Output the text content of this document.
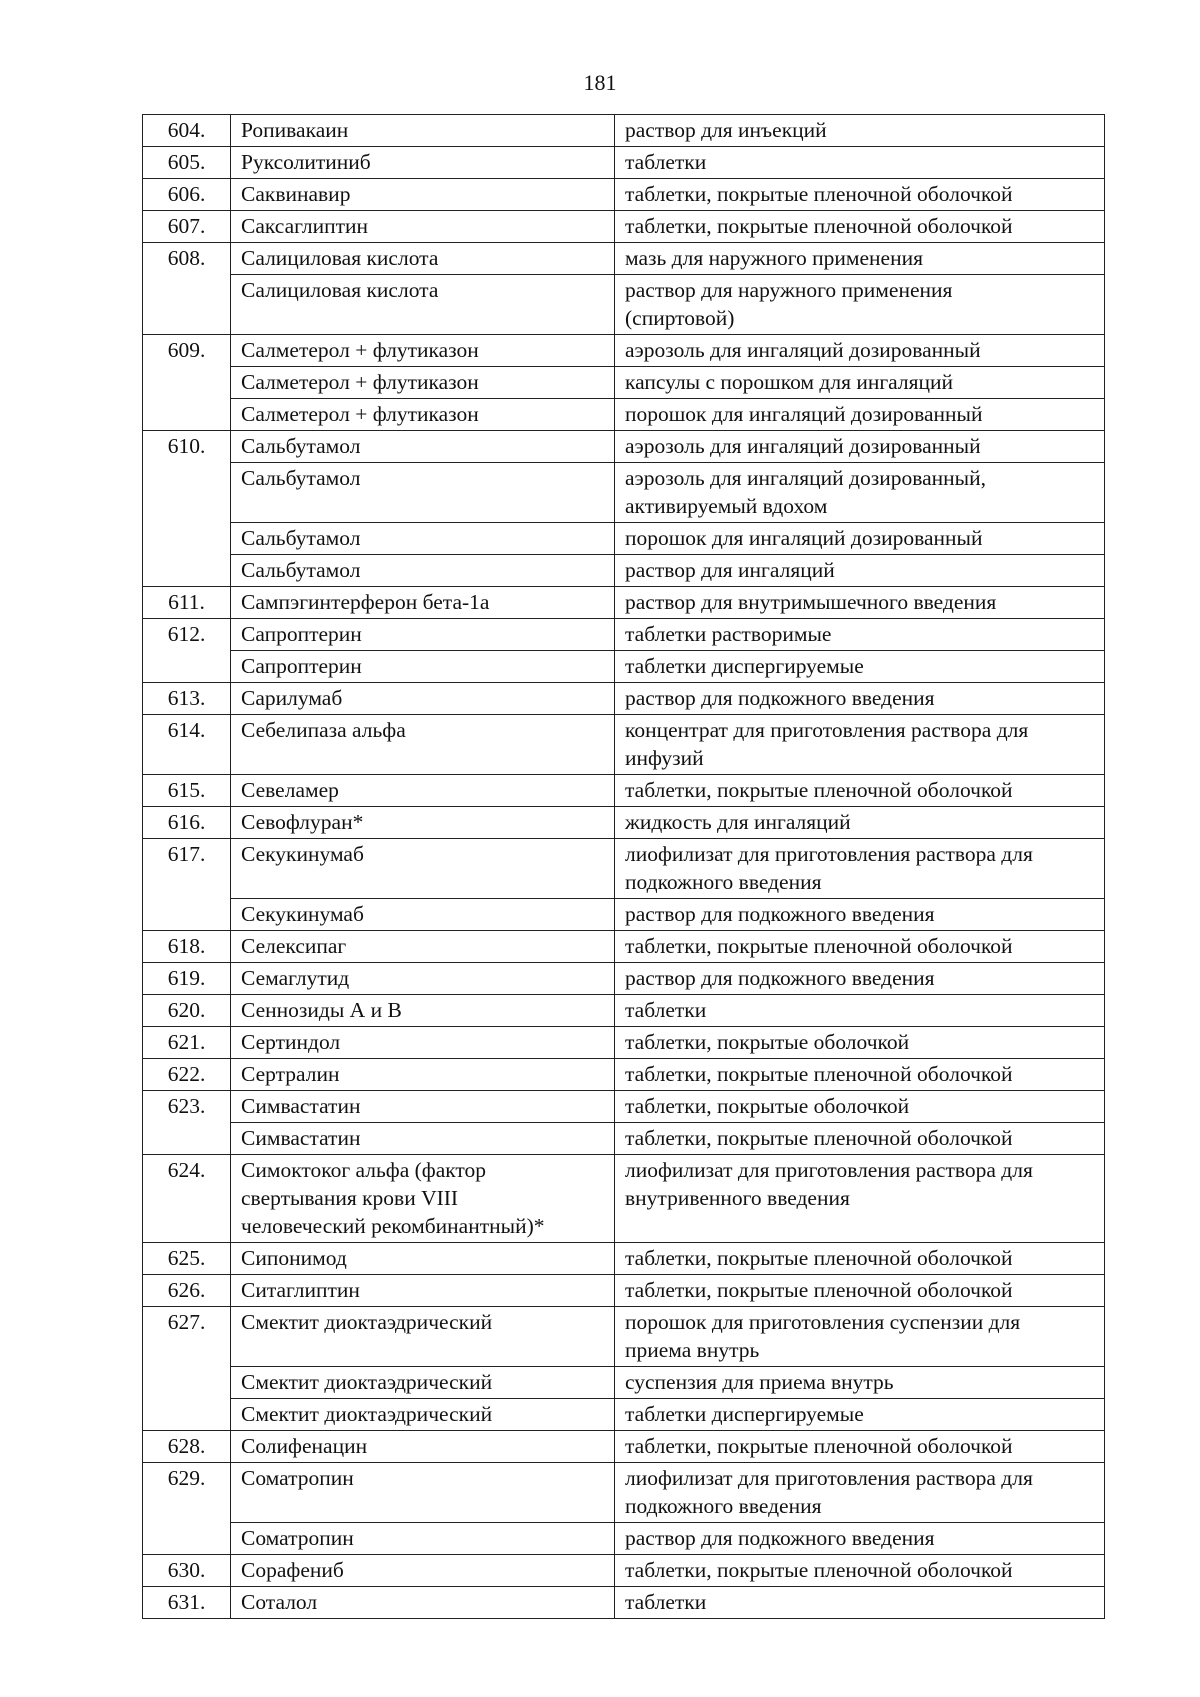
181
604.	Ропивакаин	раствор для инъекций
605.	Руксолитиниб	таблетки
606.	Саквинавир	таблетки, покрытые пленочной оболочкой
607.	Саксаглиптин	таблетки, покрытые пленочной оболочкой
608.	Салициловая кислота	мазь для наружного применения
	Салициловая кислота	раствор для наружного применения
(спиртовой)
609.	Салметерол + флутиказон	аэрозоль для ингаляций дозированный
	Салметерол + флутиказон	капсулы с порошком для ингаляций
	Салметерол + флутиказон	порошок для ингаляций дозированный
610.	Сальбутамол	аэрозоль для ингаляций дозированный
	Сальбутамол	аэрозоль для ингаляций дозированный,
активируемый вдохом
	Сальбутамол	порошок для ингаляций дозированный
	Сальбутамол	раствор для ингаляций
611.	Сампэгинтерферон бета-1а	раствор для внутримышечного введения
612.	Сапроптерин	таблетки растворимые
	Сапроптерин	таблетки диспергируемые
613.	Сарилумаб	раствор для подкожного введения
614.	Себелипаза альфа	концентрат для приготовления раствора для
инфузий
615.	Севеламер	таблетки, покрытые пленочной оболочкой
616.	Севофлуран*	жидкость для ингаляций
617.	Секукинумаб	лиофилизат для приготовления раствора для
подкожного введения
	Секукинумаб	раствор для подкожного введения
618.	Селексипаг	таблетки, покрытые пленочной оболочкой
619.	Семаглутид	раствор для подкожного введения
620.	Сеннозиды А и В	таблетки
621.	Сертиндол	таблетки, покрытые оболочкой
622.	Сертралин	таблетки, покрытые пленочной оболочкой
623.	Симвастатин	таблетки, покрытые оболочкой
	Симвастатин	таблетки, покрытые пленочной оболочкой
624.	Симоктоког альфа (фактор
свертывания крови VIII
человеческий рекомбинантный)*	лиофилизат для приготовления раствора для
внутривенного введения
625.	Сипонимод	таблетки, покрытые пленочной оболочкой
626.	Ситаглиптин	таблетки, покрытые пленочной оболочкой
627.	Смектит диоктаэдрический	порошок для приготовления суспензии для
приема внутрь
	Смектит диоктаэдрический	суспензия для приема внутрь
	Смектит диоктаэдрический	таблетки диспергируемые
628.	Солифенацин	таблетки, покрытые пленочной оболочкой
629.	Соматропин	лиофилизат для приготовления раствора для
подкожного введения
	Соматропин	раствор для подкожного введения
630.	Сорафениб	таблетки, покрытые пленочной оболочкой
631.	Соталол	таблетки
